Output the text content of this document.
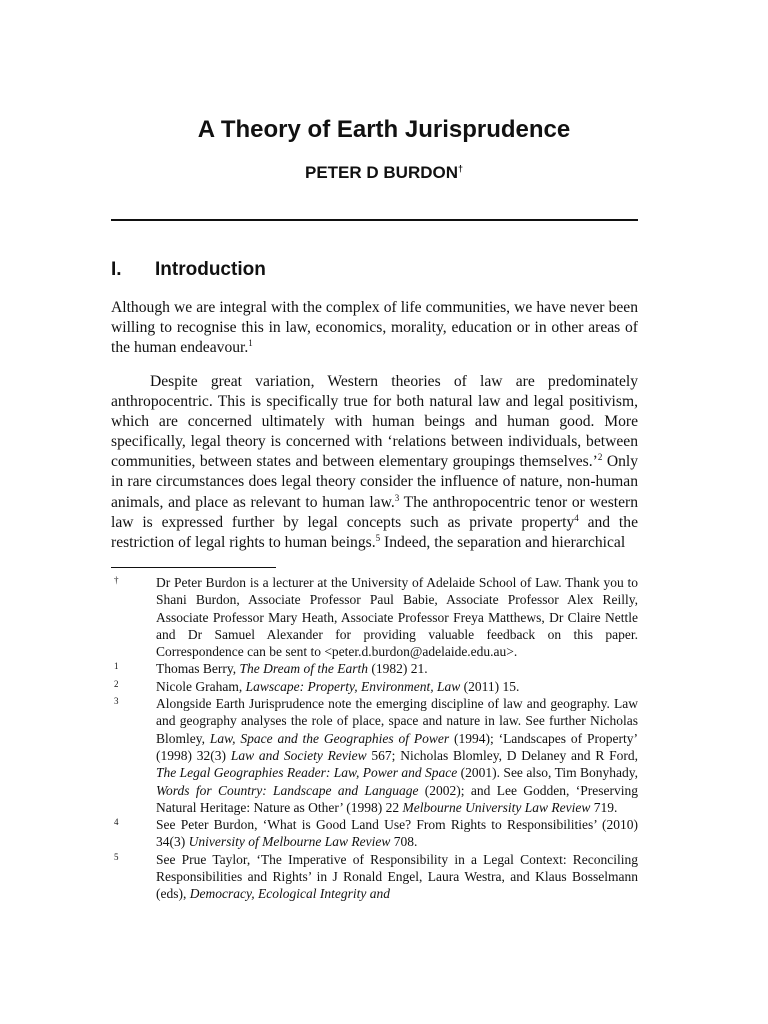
A Theory of Earth Jurisprudence
PETER D BURDON†
I. Introduction

Although we are integral with the complex of life communities, we have never been willing to recognise this in law, economics, morality, education or in other areas of the human endeavour.$^1$

Despite great variation, Western theories of law are predominately anthropocentric. This is specifically true for both natural law and legal positivism, which are concerned ultimately with human beings and human good. More specifically, legal theory is concerned with ‘relations between individuals, between communities, between states and between elementary groupings themselves.’$^2$ Only in rare circumstances does legal theory consider the influence of nature, non-human animals, and place as relevant to human law.$^3$ The anthropocentric tenor or western law is expressed further by legal concepts such as private property$^4$ and the restriction of legal rights to human beings.$^5$ Indeed, the separation and hierarchical

†	Dr Peter Burdon is a lecturer at the University of Adelaide School of Law. Thank you to Shani Burdon, Associate Professor Paul Babie, Associate Professor Alex Reilly, Associate Professor Mary Heath, Associate Professor Freya Matthews, Dr Claire Nettle and Dr Samuel Alexander for providing valuable feedback on this paper. Correspondence can be sent to <peter.d.burdon@adelaide.edu.au>.
1	Thomas Berry, The Dream of the Earth (1982) 21.
2	Nicole Graham, Lawscape: Property, Environment, Law (2011) 15.
3	Alongside Earth Jurisprudence note the emerging discipline of law and geography. Law and geography analyses the role of place, space and nature in law. See further Nicholas Blomley, Law, Space and the Geographies of Power (1994); ‘Landscapes of Property’ (1998) 32(3) Law and Society Review 567; Nicholas Blomley, D Delaney and R Ford, The Legal Geographies Reader: Law, Power and Space (2001). See also, Tim Bonyhady, Words for Country: Landscape and Language (2002); and Lee Godden, ‘Preserving Natural Heritage: Nature as Other’ (1998) 22 Melbourne University Law Review 719.
4	See Peter Burdon, ‘What is Good Land Use? From Rights to Responsibilities’ (2010) 34(3) University of Melbourne Law Review 708.
5	See Prue Taylor, ‘The Imperative of Responsibility in a Legal Context: Reconciling Responsibilities and Rights’ in J Ronald Engel, Laura Westra, and Klaus Bosselmann (eds), Democracy, Ecological Integrity and
